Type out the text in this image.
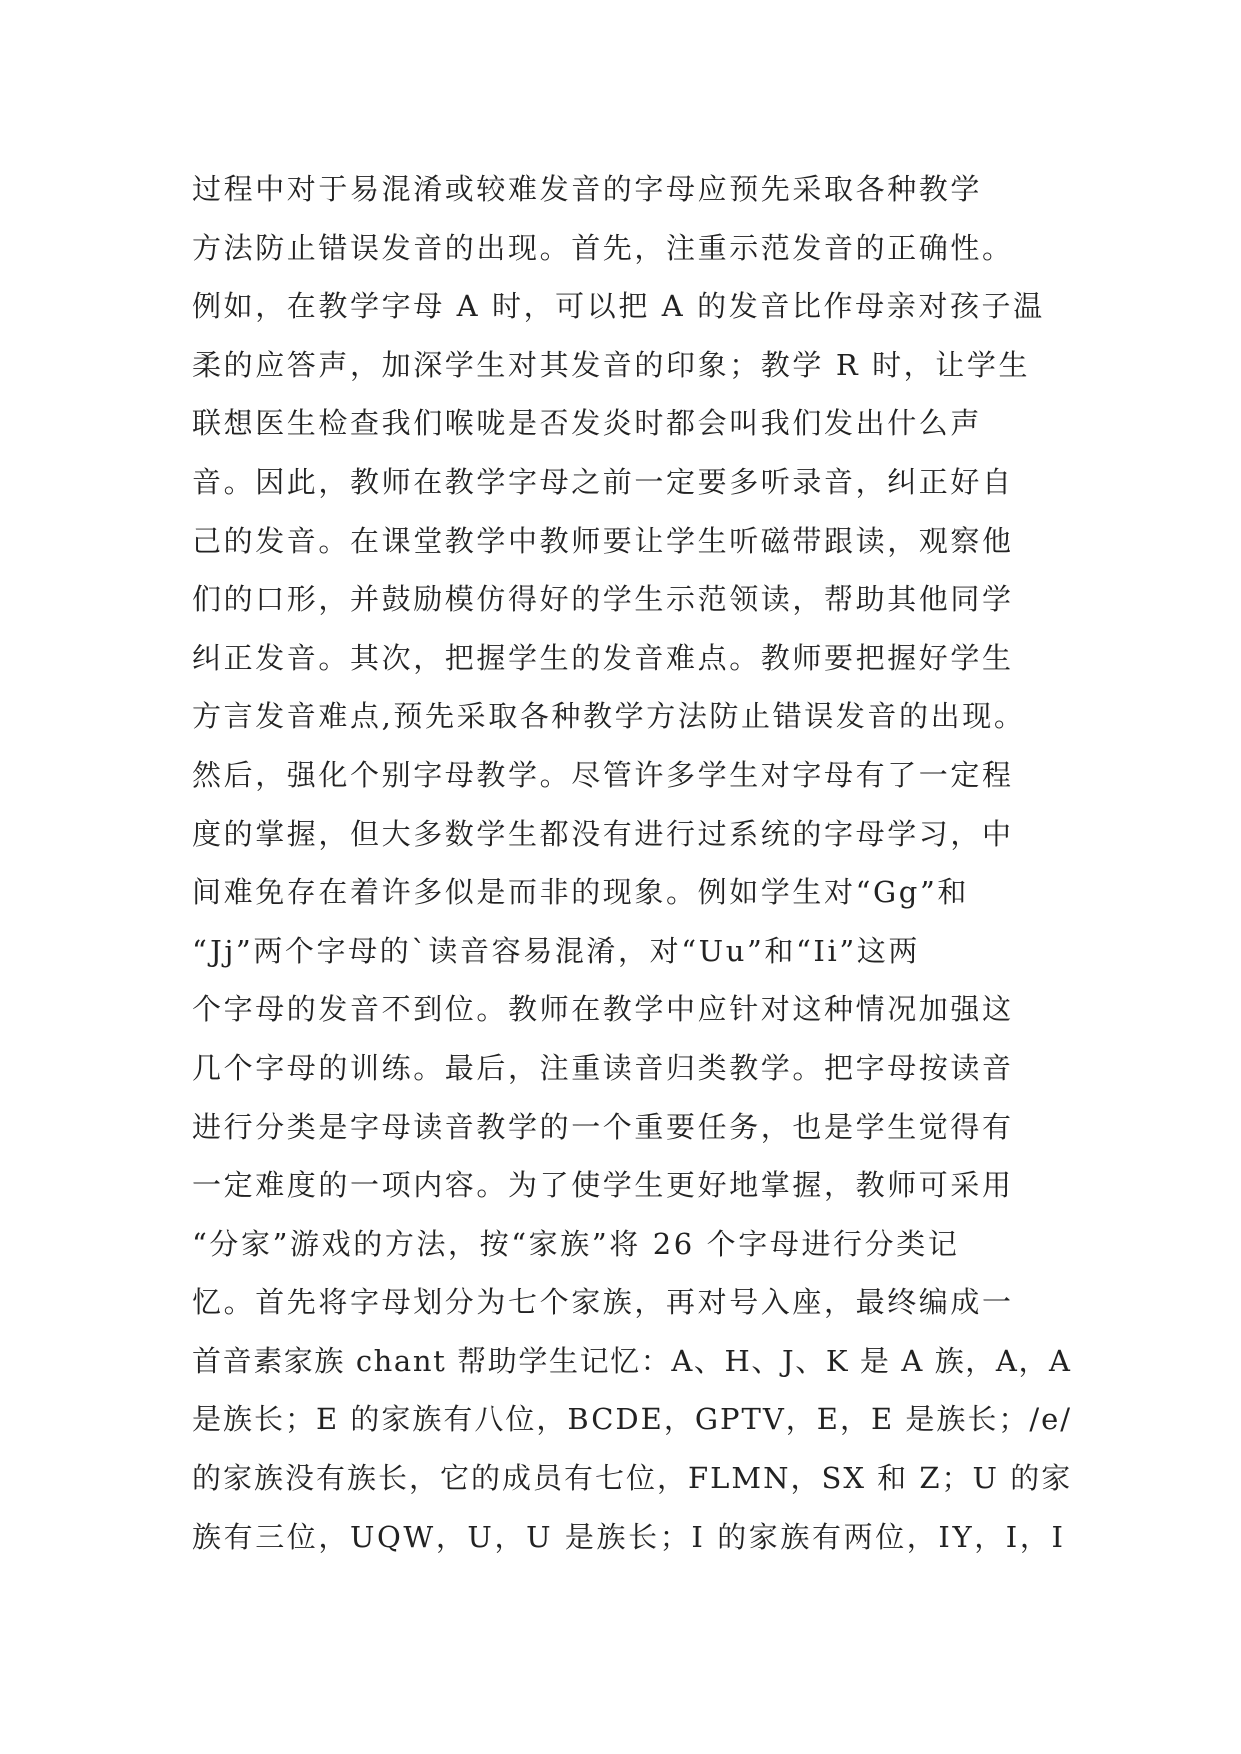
过程中对于易混淆或较难发音的字母应预先采取各种教学
方法防止错误发音的出现。首先，注重示范发音的正确性。
例如，在教学字母 A 时，可以把 A 的发音比作母亲对孩子温
柔的应答声，加深学生对其发音的印象；教学 R 时，让学生
联想医生检查我们喉咙是否发炎时都会叫我们发出什么声
音。因此，教师在教学字母之前一定要多听录音，纠正好自
己的发音。在课堂教学中教师要让学生听磁带跟读，观察他
们的口形，并鼓励模仿得好的学生示范领读，帮助其他同学
纠正发音。其次，把握学生的发音难点。教师要把握好学生
方言发音难点,预先采取各种教学方法防止错误发音的出现。
然后，强化个别字母教学。尽管许多学生对字母有了一定程
度的掌握，但大多数学生都没有进行过系统的字母学习，中
间难免存在着许多似是而非的现象。例如学生对“Gg”和
“Jj”两个字母的`读音容易混淆，对“Uu”和“Ii”这两
个字母的发音不到位。教师在教学中应针对这种情况加强这
几个字母的训练。最后，注重读音归类教学。把字母按读音
进行分类是字母读音教学的一个重要任务，也是学生觉得有
一定难度的一项内容。为了使学生更好地掌握，教师可采用
“分家”游戏的方法，按“家族”将 26 个字母进行分类记
忆。首先将字母划分为七个家族，再对号入座，最终编成一
首音素家族 chant 帮助学生记忆：A、H、J、K 是 A 族，A，A
是族长；E 的家族有八位，BCDE，GPTV，E，E 是族长；/e/
的家族没有族长，它的成员有七位，FLMN，SX 和 Z；U 的家
族有三位，UQW，U，U 是族长；I 的家族有两位，IY，I，I
